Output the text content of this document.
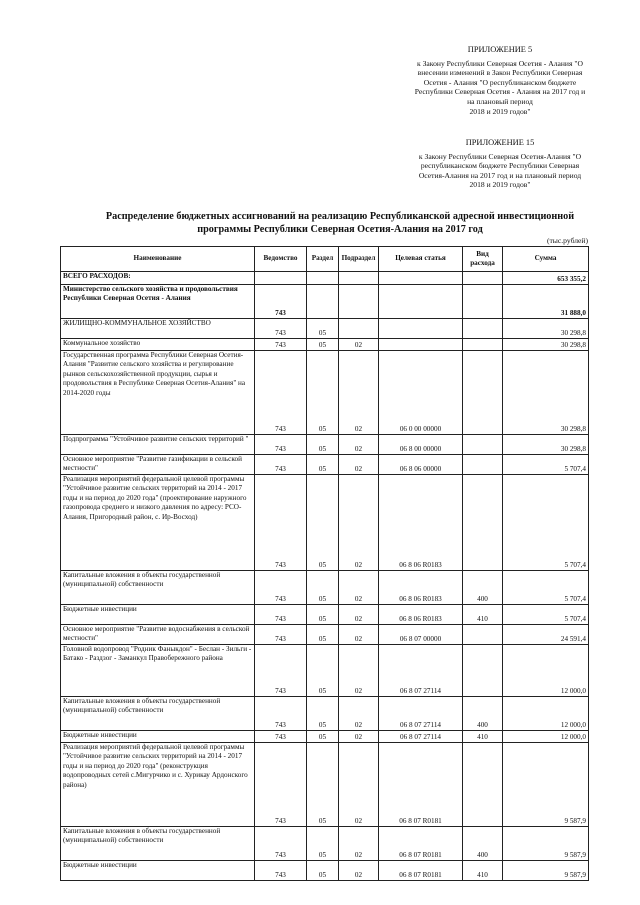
ПРИЛОЖЕНИЕ 5
к Закону Республики Северная Осетия - Алания "О
внесении изменений в Закон Республики Северная
Осетия - Алания "О республиканском бюджете
Республики Северная Осетия - Алания на 2017 год и
на плановый период
2018 и 2019 годов"
ПРИЛОЖЕНИЕ 15
к Закону Республики Северная Осетия-Алания "О
республиканском бюджете Республики Северная
Осетия-Алания на 2017 год и на плановый период
2018 и 2019 годов"
Распределение бюджетных ассигнований на реализацию Республиканской адресной инвестиционной
программы Республики Северная Осетия-Алания на 2017 год
(тыс.рублей)
Наименование	Ведомство	Раздел	Подраздел	Целевая статья	Вид расхода	Сумма
ВСЕГО РАСХОДОВ:						653 355,2
Министерство сельского хозяйства и продовольствия Республики Северная Осетия - Алания	743					31 888,0
ЖИЛИЩНО-КОММУНАЛЬНОЕ ХОЗЯЙСТВО	743	05				30 298,8
Коммунальное хозяйство	743	05	02			30 298,8
Государственная программа Республики Северная Осетия-Алания "Развитие сельского хозяйства и регулирование рынков сельскохозяйственной продукции, сырья и продовольствия в Республике Северная Осетия-Алания" на 2014-2020 годы	743	05	02	06 0 00 00000		30 298,8
Подпрограмма "Устойчивое развитие сельских территорий "	743	05	02	06 8 00 00000		30 298,8
Основное мероприятие "Развитие газификации в сельской местности"	743	05	02	06 8 06 00000		5 707,4
Реализация мероприятий федеральной целевой программы "Устойчивое развитие сельских территорий на 2014 - 2017 годы и на период до 2020 года" (проектирование наружного газопровода среднего и низкого давления по адресу: РСО-Алания, Пригородный район, с. Ир-Восход)	743	05	02	06 8 06 R0183		5 707,4
Капитальные вложения в объекты государственной (муниципальной) собственности	743	05	02	06 8 06 R0183	400	5 707,4
Бюджетные инвестиции	743	05	02	06 8 06 R0183	410	5 707,4
Основное мероприятие "Развитие водоснабжения в сельской местности"	743	05	02	06 8 07 00000		24 591,4
Головной водопровод "Родник Фаныкдон" - Беслан - Зильги - Батако - Раздзог - Заманкул Правобережного района	743	05	02	06 8 07 27114		12 000,0
Капитальные вложения в объекты государственной (муниципальной) собственности	743	05	02	06 8 07 27114	400	12 000,0
Бюджетные инвестиции	743	05	02	06 8 07 27114	410	12 000,0
Реализация мероприятий федеральной целевой программы "Устойчивое развитие сельских территорий на 2014 - 2017 годы и на период до 2020 года" (реконструкция водопроводных сетей с.Мигурчико и с. Хурикау Ардонского района)	743	05	02	06 8 07 R0181		9 587,9
Капитальные вложения в объекты государственной (муниципальной) собственности	743	05	02	06 8 07 R0181	400	9 587,9
Бюджетные инвестиции	743	05	02	06 8 07 R0181	410	9 587,9
